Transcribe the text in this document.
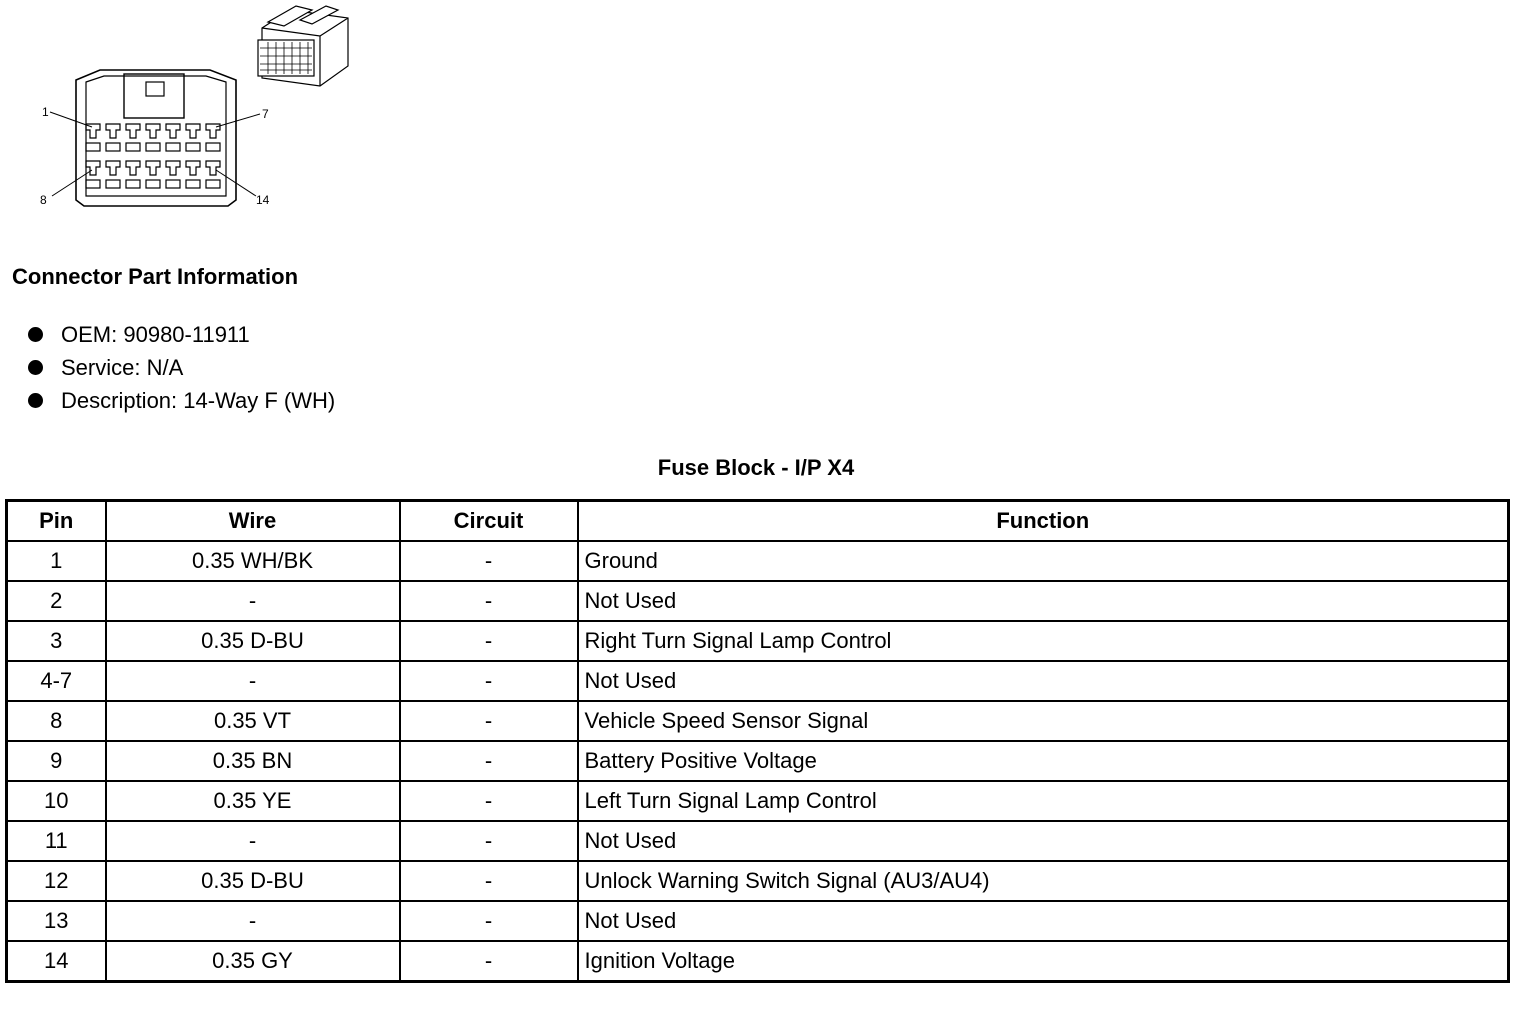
1	7
8	14
Connector Part Information
OEM: 90980-11911
Service: N/A
Description: 14-Way F (WH)
Fuse Block - I/P X4
Pin	Wire	Circuit	Function
1	0.35 WH/BK	-	Ground
2	-	-	Not Used
3	0.35 D-BU	-	Right Turn Signal Lamp Control
4-7	-	-	Not Used
8	0.35 VT	-	Vehicle Speed Sensor Signal
9	0.35 BN	-	Battery Positive Voltage
10	0.35 YE	-	Left Turn Signal Lamp Control
11	-	-	Not Used
12	0.35 D-BU	-	Unlock Warning Switch Signal (AU3/AU4)
13	-	-	Not Used
14	0.35 GY	-	Ignition Voltage
